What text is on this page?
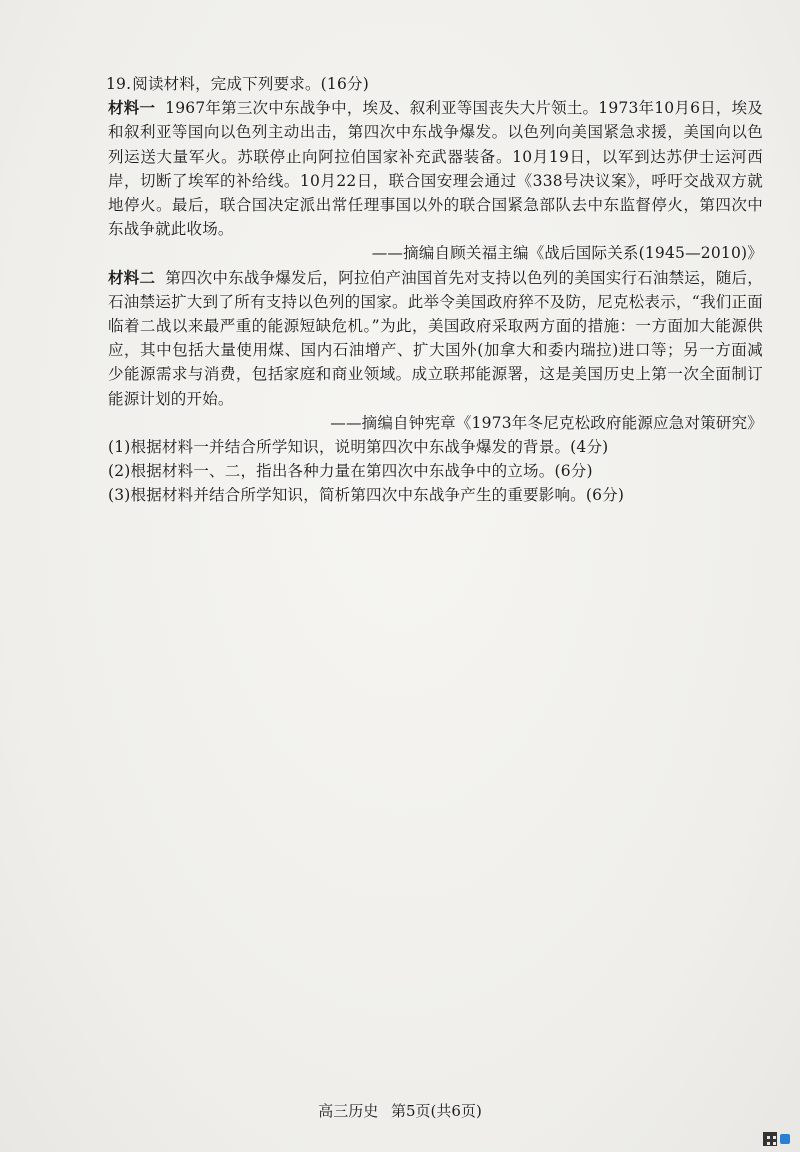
19.阅读材料，完成下列要求。(16分)
材料一 1967年第三次中东战争中，埃及、叙利亚等国丧失大片领土。1973年10月6日，埃及和叙利亚等国向以色列主动出击，第四次中东战争爆发。以色列向美国紧急求援，美国向以色列运送大量军火。苏联停止向阿拉伯国家补充武器装备。10月19日，以军到达苏伊士运河西岸，切断了埃军的补给线。10月22日，联合国安理会通过《338号决议案》，呼吁交战双方就地停火。最后，联合国决定派出常任理事国以外的联合国紧急部队去中东监督停火，第四次中东战争就此收场。
——摘编自顾关福主编《战后国际关系(1945—2010)》
材料二 第四次中东战争爆发后，阿拉伯产油国首先对支持以色列的美国实行石油禁运，随后，石油禁运扩大到了所有支持以色列的国家。此举令美国政府猝不及防，尼克松表示，“我们正面临着二战以来最严重的能源短缺危机。”为此，美国政府采取两方面的措施：一方面加大能源供应，其中包括大量使用煤、国内石油增产、扩大国外(加拿大和委内瑞拉)进口等；另一方面减少能源需求与消费，包括家庭和商业领域。成立联邦能源署，这是美国历史上第一次全面制订能源计划的开始。
——摘编自钟宪章《1973年冬尼克松政府能源应急对策研究》
(1)根据材料一并结合所学知识，说明第四次中东战争爆发的背景。(4分)
(2)根据材料一、二，指出各种力量在第四次中东战争中的立场。(6分)
(3)根据材料并结合所学知识，简析第四次中东战争产生的重要影响。(6分)
高三历史 第5页(共6页)
